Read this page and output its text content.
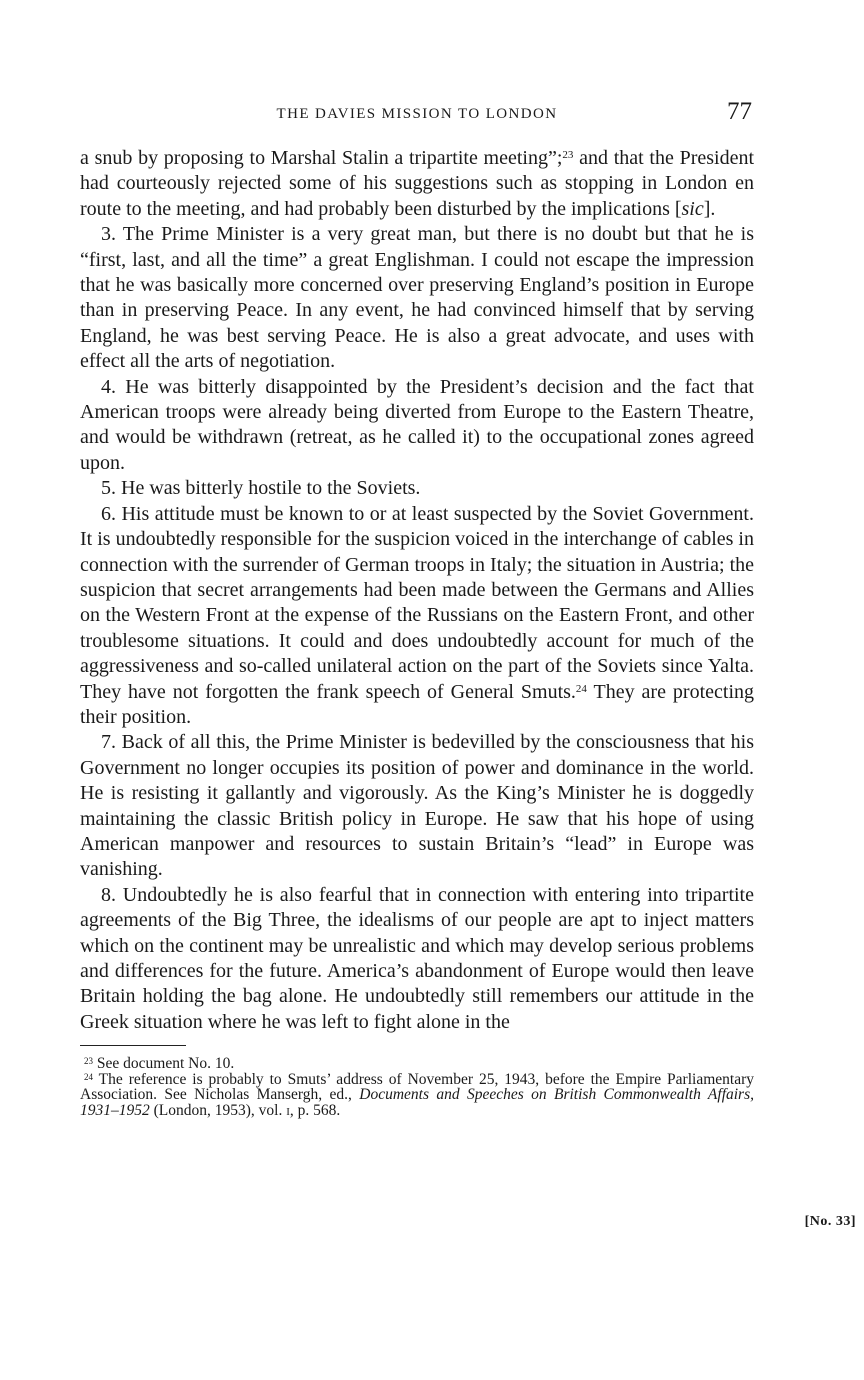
THE DAVIES MISSION TO LONDON	77

a snub by proposing to Marshal Stalin a tripartite meeting”;$^{23}$ and that the President had courteously rejected some of his suggestions such as stopping in London en route to the meeting, and had probably been disturbed by the implications [sic].

3. The Prime Minister is a very great man, but there is no doubt but that he is “first, last, and all the time” a great Englishman. I could not escape the impression that he was basically more concerned over preserving England’s position in Europe than in preserving Peace. In any event, he had convinced himself that by serving England, he was best serving Peace. He is also a great advocate, and uses with effect all the arts of negotiation.

4. He was bitterly disappointed by the President’s decision and the fact that American troops were already being diverted from Europe to the Eastern Theatre, and would be withdrawn (retreat, as he called it) to the occupational zones agreed upon.

5. He was bitterly hostile to the Soviets.

6. His attitude must be known to or at least suspected by the Soviet Government. It is undoubtedly responsible for the suspicion voiced in the interchange of cables in connection with the surrender of German troops in Italy; the situation in Austria; the suspicion that secret arrangements had been made between the Germans and Allies on the Western Front at the expense of the Russians on the Eastern Front, and other troublesome situations. It could and does undoubtedly account for much of the aggressiveness and so-called unilateral action on the part of the Soviets since Yalta. They have not forgotten the frank speech of General Smuts.$^{24}$ They are protecting their position.

7. Back of all this, the Prime Minister is bedevilled by the consciousness that his Government no longer occupies its position of power and dominance in the world. He is resisting it gallantly and vigorously. As the King’s Minister he is doggedly maintaining the classic British policy in Europe. He saw that his hope of using American manpower and resources to sustain Britain’s “lead” in Europe was vanishing.

8. Undoubtedly he is also fearful that in connection with entering into tripartite agreements of the Big Three, the idealisms of our people are apt to inject matters which on the continent may be unrealistic and which may develop serious problems and differences for the future. America’s abandonment of Europe would then leave Britain holding the bag alone. He undoubtedly still remembers our attitude in the Greek situation where he was left to fight alone in the

$^{23}$ See document No. 10.

$^{24}$ The reference is probably to Smuts’ address of November 25, 1943, before the Empire Parliamentary Association. See Nicholas Mansergh, ed., Documents and Speeches on British Commonwealth Affairs, 1931–1952 (London, 1953), vol. i, p. 568.

[No. 33]
